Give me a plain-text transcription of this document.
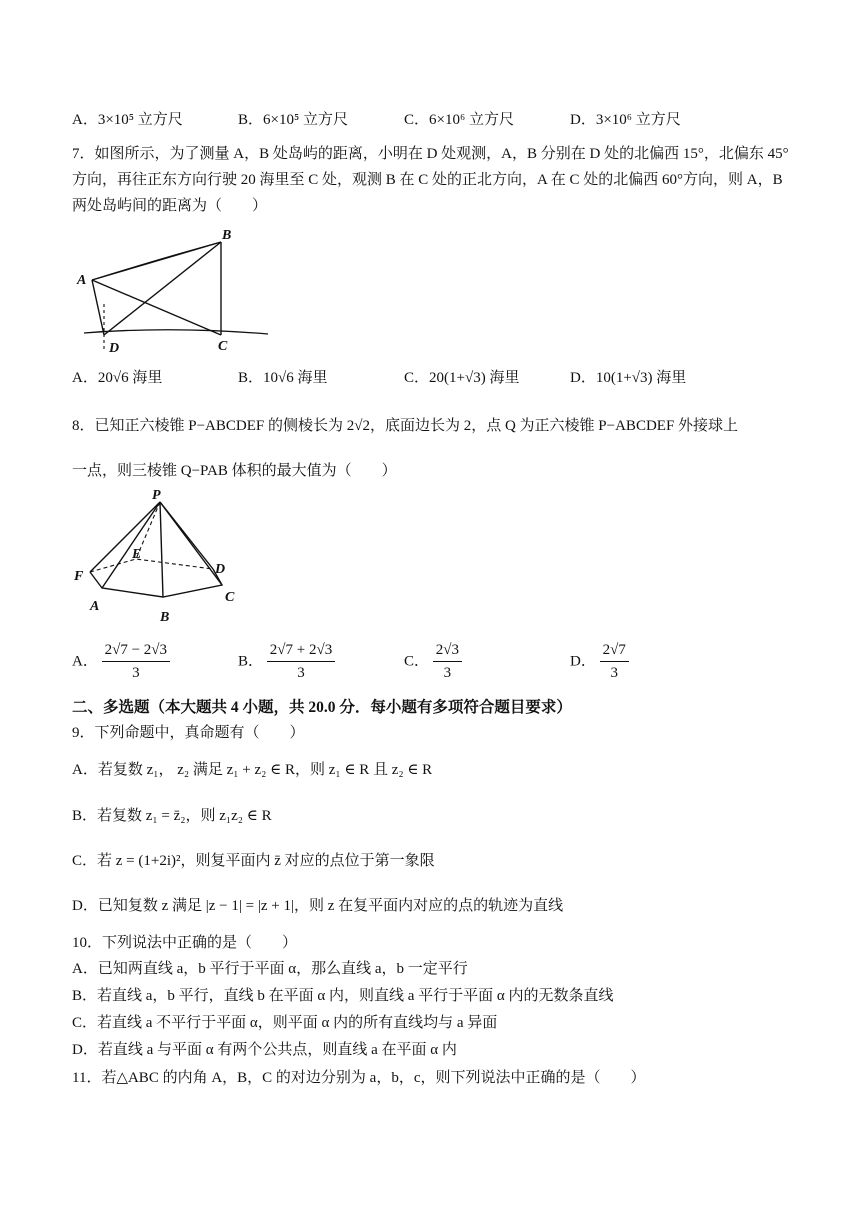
A．3×10⁵ 立方尺	B．6×10⁵ 立方尺	C．6×10⁶ 立方尺	D．3×10⁶ 立方尺
7．如图所示，为了测量 A，B 处岛屿的距离，小明在 D 处观测，A，B 分别在 D 处的北偏西 15°，北偏东 45°
方向，再往正东方向行驶 20 海里至 C 处，观测 B 在 C 处的正北方向，A 在 C 处的北偏西 60°方向，则 A，B
两处岛屿间的距离为（　　）
A
B
C
D
A．20√6 海里	B．10√6 海里	C．20(1+√3) 海里	D．10(1+√3) 海里
8．已知正六棱锥 P−ABCDEF 的侧棱长为 2√2，底面边长为 2，点 Q 为正六棱锥 P−ABCDEF 外接球上
一点，则三棱锥 Q−PAB 体积的最大值为（　　）
P
E
D
F
A
B
C
A． $\frac{2√7 - 2√3}{3}$	B． $\frac{2√7 + 2√3}{3}$	C． $\frac{2√3}{3}$	D． $\frac{2√7}{3}$
二、多选题（本大题共 4 小题，共 20.0 分．每小题有多项符合题目要求）
9．下列命题中，真命题有（　　）
A．若复数 z₁， z₂ 满足 z₁ + z₂ ∈ R，则 z₁ ∈ R 且 z₂ ∈ R
B．若复数 z₁ = z̄₂，则 z₁z₂ ∈ R
C．若 z = (1+2i)²，则复平面内 z̄ 对应的点位于第一象限
D．已知复数 z 满足 |z − 1| = |z + 1|，则 z 在复平面内对应的点的轨迹为直线
10．下列说法中正确的是（　　）
A．已知两直线 a，b 平行于平面 α，那么直线 a，b 一定平行
B．若直线 a，b 平行，直线 b 在平面 α 内，则直线 a 平行于平面 α 内的无数条直线
C．若直线 a 不平行于平面 α，则平面 α 内的所有直线均与 a 异面
D．若直线 a 与平面 α 有两个公共点，则直线 a 在平面 α 内
11．若△ABC 的内角 A，B，C 的对边分别为 a，b，c，则下列说法中正确的是（　　）
